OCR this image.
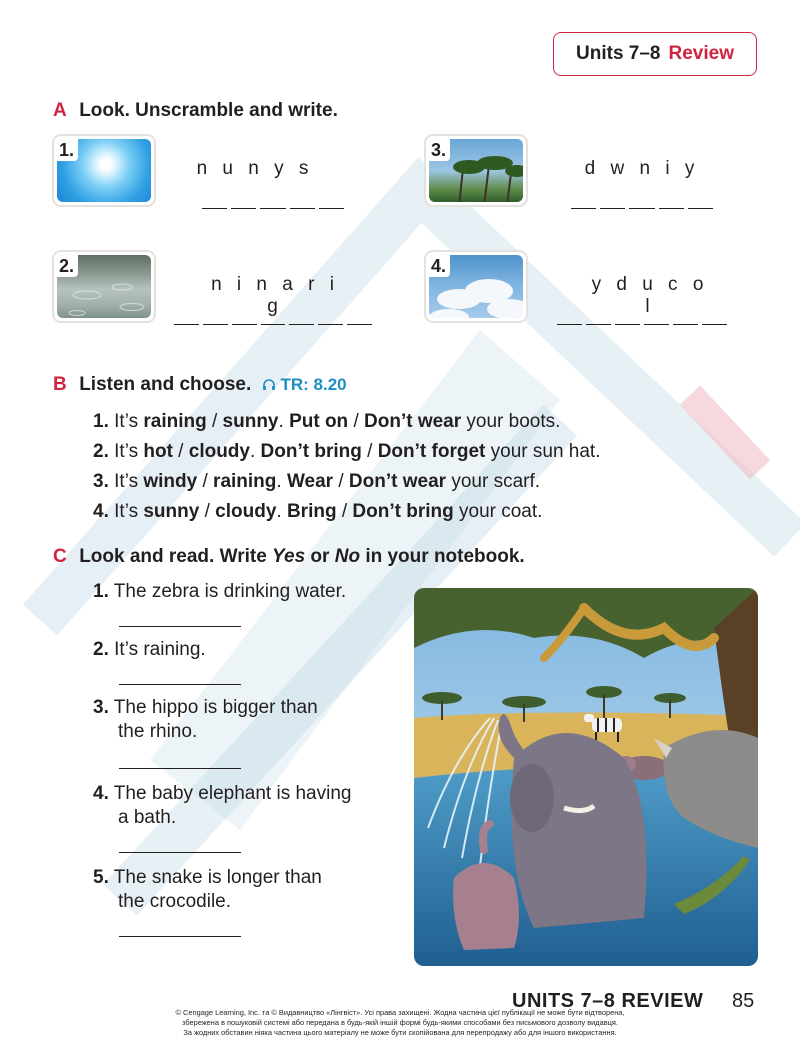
Units 7–8 Review
A Look. Unscramble and write.
1.
n u n y s
2.
n i n a r i g
3.
d w n i y
4.
y d u c o l
B Listen and choose. TR: 8.20
1. It’s raining / sunny. Put on / Don’t wear your boots.
2. It’s hot / cloudy. Don’t bring / Don’t forget your sun hat.
3. It’s windy / raining. Wear / Don’t wear your scarf.
4. It’s sunny / cloudy. Bring / Don’t bring your coat.
C Look and read. Write Yes or No in your notebook.
1. The zebra is drinking water.
2. It’s raining.
3. The hippo is bigger than
the rhino.
4. The baby elephant is having
a bath.
5. The snake is longer than
the crocodile.
UNITS 7–8 REVIEW 85
© Cengage Learning, Inc. та © Видавництво «Лінгвіст». Усі права захищені. Жодна частина цієї публікації не може бути відтворена,
збережена в пошуковій системі або передана в будь-якій іншій формі будь-якими способами без письмового дозволу видавця.
За жодних обставин ніяка частина цього матеріалу не може бути скопійована для перепродажу або для іншого використання.
